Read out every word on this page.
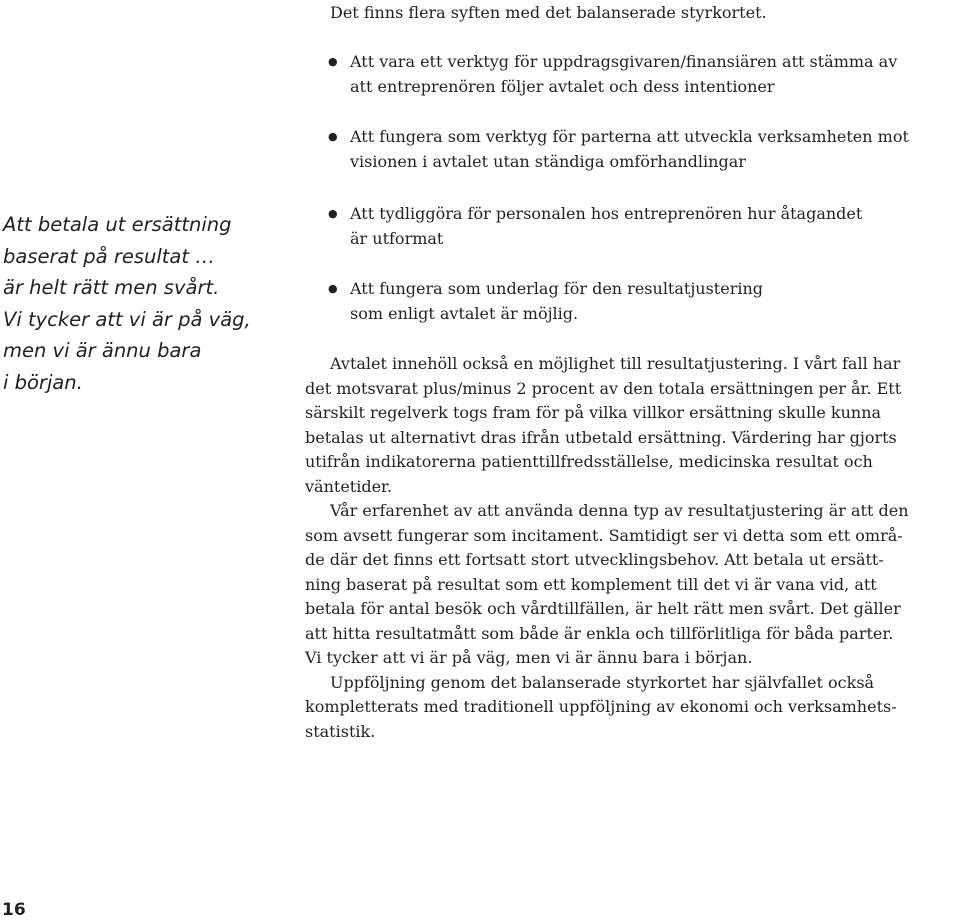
Det finns flera syften med det balanserade styrkortet.
● Att vara ett verktyg för uppdragsgivaren/finansiären att stämma av
att entreprenören följer avtalet och dess intentioner
● Att fungera som verktyg för parterna att utveckla verksamheten mot
visionen i avtalet utan ständiga omförhandlingar
● Att tydliggöra för personalen hos entreprenören hur åtagandet
är utformat
● Att fungera som underlag för den resultatjustering
som enligt avtalet är möjlig.
Att betala ut ersättning
baserat på resultat …
är helt rätt men svårt.
Vi tycker att vi är på väg,
men vi är ännu bara
i början.
Avtalet innehöll också en möjlighet till resultatjustering. I vårt fall har
det motsvarat plus/minus 2 procent av den totala ersättningen per år. Ett
särskilt regelverk togs fram för på vilka villkor ersättning skulle kunna
betalas ut alternativt dras ifrån utbetald ersättning. Värdering har gjorts
utifrån indikatorerna patienttillfredsställelse, medicinska resultat och
väntetider.
Vår erfarenhet av att använda denna typ av resultatjustering är att den
som avsett fungerar som incitament. Samtidigt ser vi detta som ett områ-
de där det finns ett fortsatt stort utvecklingsbehov. Att betala ut ersätt-
ning baserat på resultat som ett komplement till det vi är vana vid, att
betala för antal besök och vårdtillfällen, är helt rätt men svårt. Det gäller
att hitta resultatmått som både är enkla och tillförlitliga för båda parter.
Vi tycker att vi är på väg, men vi är ännu bara i början.
Uppföljning genom det balanserade styrkortet har självfallet också
kompletterats med traditionell uppföljning av ekonomi och verksamhets-
statistik.
16
